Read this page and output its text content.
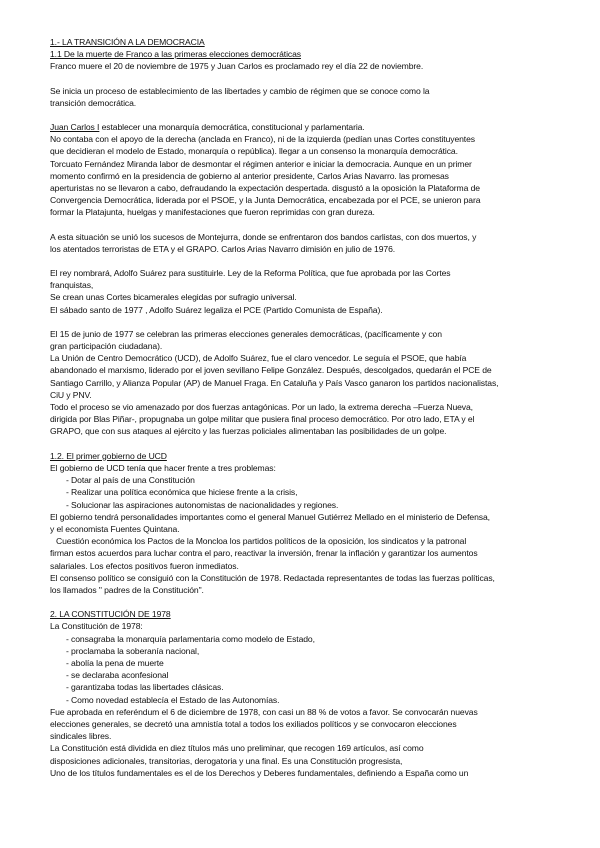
1.- LA TRANSICIÓN A LA DEMOCRACIA
1.1 De la muerte de Franco a las primeras elecciones democráticas
Franco muere el 20 de noviembre de 1975 y Juan Carlos es proclamado rey el día 22 de noviembre.
Se inicia un proceso de establecimiento de las libertades y cambio de régimen que se conoce como la
transición democrática.
Juan Carlos I establecer una monarquía democrática, constitucional y parlamentaria.
No contaba con el apoyo de la derecha (anclada en Franco), ni de la izquierda (pedían unas Cortes constituyentes
que decidieran el modelo de Estado, monarquía o república). llegar a un consenso la monarquía democrática.
Torcuato Fernández Miranda labor de desmontar el régimen anterior e iniciar la democracia. Aunque en un primer
momento confirmó en la presidencia de gobierno al anterior presidente, Carlos Arias Navarro. las promesas
aperturistas no se llevaron a cabo, defraudando la expectación despertada. disgustó a la oposición la Plataforma de
Convergencia Democrática, liderada por el PSOE, y la Junta Democrática, encabezada por el PCE, se unieron para
formar la Platajunta, huelgas y manifestaciones que fueron reprimidas con gran dureza.
A esta situación se unió los sucesos de Montejurra, donde se enfrentaron dos bandos carlistas, con dos muertos, y
los atentados terroristas de ETA y el GRAPO. Carlos Arias Navarro dimisión en julio de 1976.
El rey nombrará, Adolfo Suárez para sustituirle. Ley de la Reforma Política, que fue aprobada por las Cortes
franquistas,
Se crean unas Cortes bicamerales elegidas por sufragio universal.
El sábado santo de 1977 , Adolfo Suárez legaliza el PCE (Partido Comunista de España).
El 15 de junio de 1977 se celebran las primeras elecciones generales democráticas, (pacíficamente y con
gran participación ciudadana).
La Unión de Centro Democrático (UCD), de Adolfo Suárez, fue el claro vencedor. Le seguía el PSOE, que había
abandonado el marxismo, liderado por el joven sevillano Felipe González. Después, descolgados, quedarán el PCE de
Santiago Carrillo, y Alianza Popular (AP) de Manuel Fraga. En Cataluña y País Vasco ganaron los partidos nacionalistas,
CiU y PNV.
Todo el proceso se vio amenazado por dos fuerzas antagónicas. Por un lado, la extrema derecha –Fuerza Nueva,
dirigida por Blas Piñar-, propugnaba un golpe militar que pusiera final proceso democrático. Por otro lado, ETA y el
GRAPO, que con sus ataques al ejército y las fuerzas policiales alimentaban las posibilidades de un golpe.
1.2. El primer gobierno de UCD
El gobierno de UCD tenía que hacer frente a tres problemas:
- Dotar al país de una Constitución
- Realizar una política económica que hiciese frente a la crisis,
- Solucionar las aspiraciones autonomistas de nacionalidades y regiones.
El gobierno tendrá personalidades importantes como el general Manuel Gutiérrez Mellado en el ministerio de Defensa,
y el economista Fuentes Quintana.
Cuestión económica los Pactos de la Moncloa los partidos políticos de la oposición, los sindicatos y la patronal
firman estos acuerdos para luchar contra el paro, reactivar la inversión, frenar la inflación y garantizar los aumentos
salariales. Los efectos positivos fueron inmediatos.
El consenso político se consiguió con la Constitución de 1978. Redactada representantes de todas las fuerzas políticas,
los llamados " padres de la Constitución".
2. LA CONSTITUCIÓN DE 1978
La Constitución de 1978:
- consagraba la monarquía parlamentaria como modelo de Estado,
- proclamaba la soberanía nacional,
- abolía la pena de muerte
- se declaraba aconfesional
- garantizaba todas las libertades clásicas.
- Como novedad establecía el Estado de las Autonomías.
Fue aprobada en referéndum el 6 de diciembre de 1978, con casi un 88 % de votos a favor. Se convocarán nuevas
elecciones generales, se decretó una amnistía total a todos los exiliados políticos y se convocaron elecciones
sindicales libres.
La Constitución está dividida en diez títulos más uno preliminar, que recogen 169 artículos, así como
disposiciones adicionales, transitorias, derogatoria y una final. Es una Constitución progresista,
Uno de los títulos fundamentales es el de los Derechos y Deberes fundamentales, definiendo a España como un
